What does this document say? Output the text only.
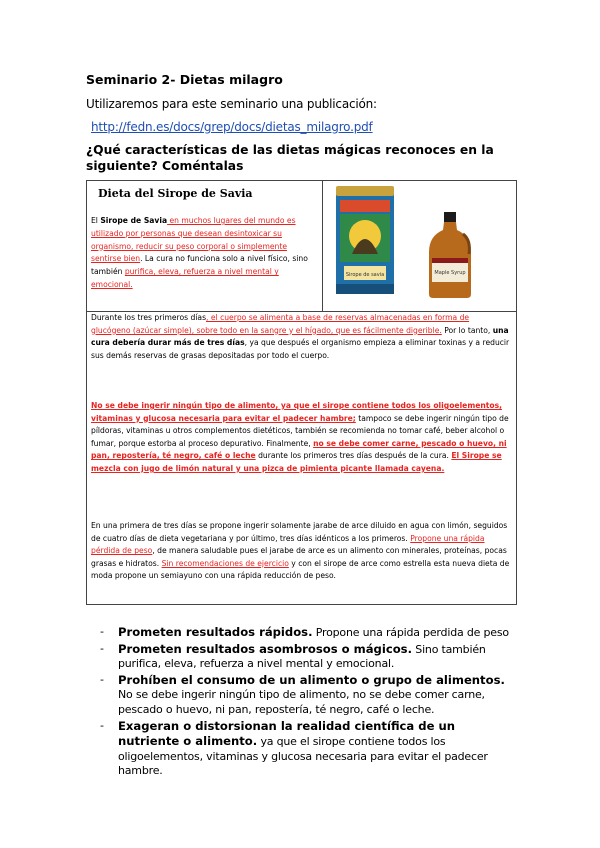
Seminario 2- Dietas milagro
Utilizaremos para este seminario una publicación:
http://fedn.es/docs/grep/docs/dietas_milagro.pdf
¿Qué características de las dietas mágicas reconoces en la siguiente? Coméntalas
Dieta del Sirope de Savia
El Sirope de Savia en muchos lugares del mundo es utilizado por personas que desean desintoxicar su organismo, reducir su peso corporal o simplemente sentirse bien. La cura no funciona solo a nivel físico, sino también purifica, eleva, refuerza a nivel mental y emocional.
Sirope de savia	Maple Syrup
Durante los tres primeros días, el cuerpo se alimenta a base de reservas almacenadas en forma de glucógeno (azúcar simple), sobre todo en la sangre y el hígado, que es fácilmente digerible. Por lo tanto, una cura debería durar más de tres días, ya que después el organismo empieza a eliminar toxinas y a reducir sus demás reservas de grasas depositadas por todo el cuerpo.
No se debe ingerir ningún tipo de alimento, ya que el sirope contiene todos los oligoelementos, vitaminas y glucosa necesaria para evitar el padecer hambre; tampoco se debe ingerir ningún tipo de píldoras, vitaminas u otros complementos dietéticos, también se recomienda no tomar café, beber alcohol o fumar, porque estorba al proceso depurativo. Finalmente, no se debe comer carne, pescado o huevo, ni pan, repostería, té negro, café o leche durante los primeros tres días después de la cura. El Sirope se mezcla con jugo de limón natural y una pizca de pimienta picante llamada cayena.
En una primera de tres días se propone ingerir solamente jarabe de arce diluido en agua con limón, seguidos de cuatro días de dieta vegetariana y por último, tres días idénticos a los primeros. Propone una rápida pérdida de peso, de manera saludable pues el jarabe de arce es un alimento con minerales, proteínas, pocas grasas e hidratos. Sin recomendaciones de ejercicio y con el sirope de arce como estrella esta nueva dieta de moda propone un semiayuno con una rápida reducción de peso.
- Prometen resultados rápidos. Propone una rápida perdida de peso
- Prometen resultados asombrosos o mágicos. Sino también purifica, eleva, refuerza a nivel mental y emocional.
- Prohíben el consumo de un alimento o grupo de alimentos. No se debe ingerir ningún tipo de alimento, no se debe comer carne, pescado o huevo, ni pan, repostería, té negro, café o leche.
- Exageran o distorsionan la realidad científica de un nutriente o alimento. ya que el sirope contiene todos los oligoelementos, vitaminas y glucosa necesaria para evitar el padecer hambre.
